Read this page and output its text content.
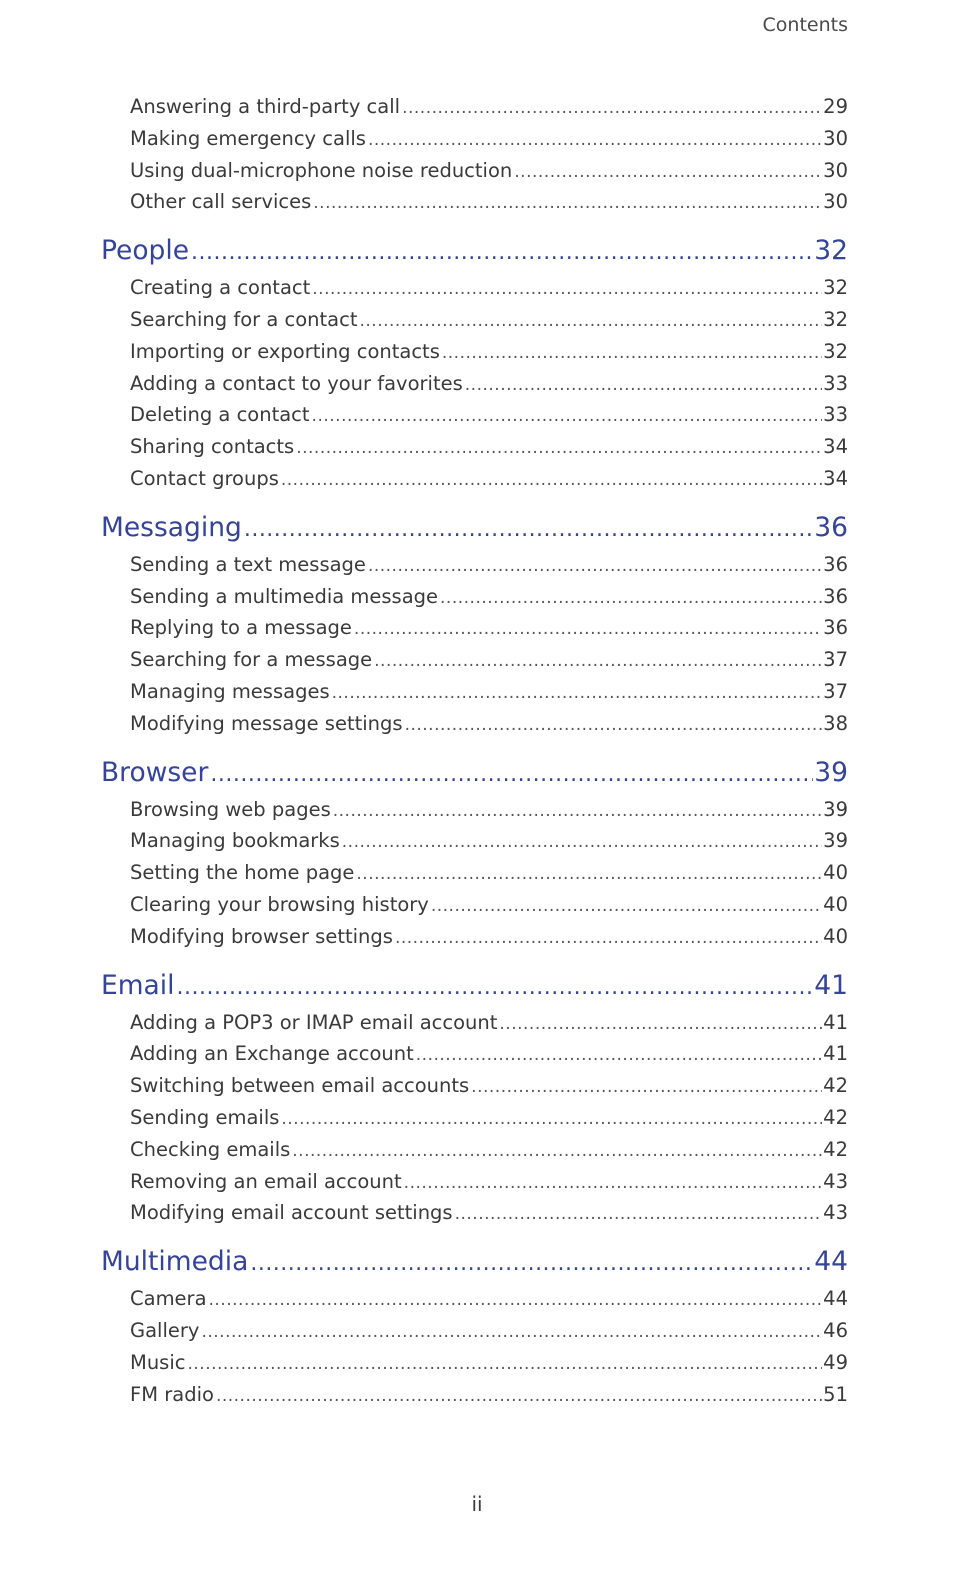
Contents
Answering a third-party call .....	29
Making emergency calls .....	30
Using dual-microphone noise reduction .....	30
Other call services .....	30
People .....	32
Creating a contact .....	32
Searching for a contact .....	32
Importing or exporting contacts .....	32
Adding a contact to your favorites .....	33
Deleting a contact .....	33
Sharing contacts .....	34
Contact groups .....	34
Messaging .....	36
Sending a text message .....	36
Sending a multimedia message .....	36
Replying to a message .....	36
Searching for a message .....	37
Managing messages .....	37
Modifying message settings .....	38
Browser .....	39
Browsing web pages .....	39
Managing bookmarks .....	39
Setting the home page .....	40
Clearing your browsing history .....	40
Modifying browser settings .....	40
Email .....	41
Adding a POP3 or IMAP email account .....	41
Adding an Exchange account .....	41
Switching between email accounts .....	42
Sending emails .....	42
Checking emails .....	42
Removing an email account .....	43
Modifying email account settings .....	43
Multimedia .....	44
Camera .....	44
Gallery .....	46
Music .....	49
FM radio .....	51
ii
